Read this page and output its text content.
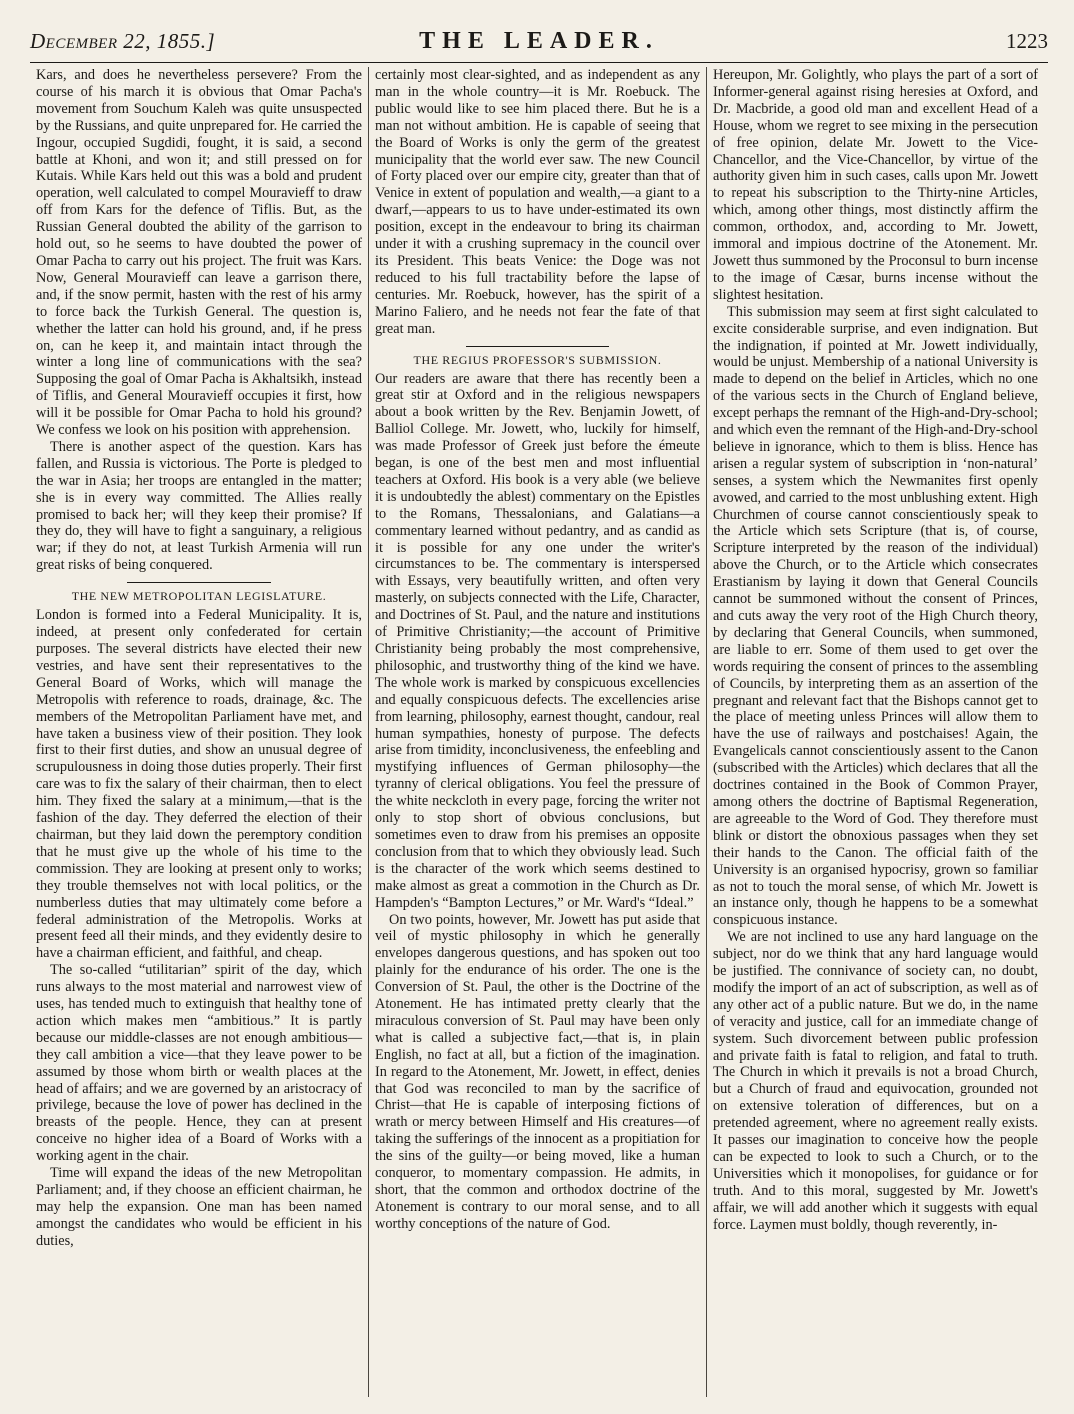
December 22, 1855.]	THE LEADER.	1223

Kars, and does he nevertheless persevere? From the course of his march it is obvious that Omar Pacha's movement from Souchum Kaleh was quite unsuspected by the Russians, and quite unprepared for. He carried the Ingour, occupied Sugdidi, fought, it is said, a second battle at Khoni, and won it; and still pressed on for Kutais. While Kars held out this was a bold and prudent operation, well calculated to compel Mouravieff to draw off from Kars for the defence of Tiflis. But, as the Russian General doubted the ability of the garrison to hold out, so he seems to have doubted the power of Omar Pacha to carry out his project. The fruit was Kars. Now, General Mouravieff can leave a garrison there, and, if the snow permit, hasten with the rest of his army to force back the Turkish General. The question is, whether the latter can hold his ground, and, if he press on, can he keep it, and maintain intact through the winter a long line of communications with the sea? Supposing the goal of Omar Pacha is Akhaltsikh, instead of Tiflis, and General Mouravieff occupies it first, how will it be possible for Omar Pacha to hold his ground? We confess we look on his position with apprehension.

There is another aspect of the question. Kars has fallen, and Russia is victorious. The Porte is pledged to the war in Asia; her troops are entangled in the matter; she is in every way committed. The Allies really promised to back her; will they keep their promise? If they do, they will have to fight a sanguinary, a religious war; if they do not, at least Turkish Armenia will run great risks of being conquered.

THE NEW METROPOLITAN LEGISLATURE.

London is formed into a Federal Municipality. It is, indeed, at present only confederated for certain purposes. The several districts have elected their new vestries, and have sent their representatives to the General Board of Works, which will manage the Metropolis with reference to roads, drainage, &c. The members of the Metropolitan Parliament have met, and have taken a business view of their position. They look first to their first duties, and show an unusual degree of scrupulousness in doing those duties properly. Their first care was to fix the salary of their chairman, then to elect him. They fixed the salary at a minimum,—that is the fashion of the day. They deferred the election of their chairman, but they laid down the peremptory condition that he must give up the whole of his time to the commission. They are looking at present only to works; they trouble themselves not with local politics, or the numberless duties that may ultimately come before a federal administration of the Metropolis. Works at present feed all their minds, and they evidently desire to have a chairman efficient, and faithful, and cheap.

The so-called “utilitarian” spirit of the day, which runs always to the most material and narrowest view of uses, has tended much to extinguish that healthy tone of action which makes men “ambitious.” It is partly because our middle-classes are not enough ambitious—they call ambition a vice—that they leave power to be assumed by those whom birth or wealth places at the head of affairs; and we are governed by an aristocracy of privilege, because the love of power has declined in the breasts of the people. Hence, they can at present conceive no higher idea of a Board of Works with a working agent in the chair.

Time will expand the ideas of the new Metropolitan Parliament; and, if they choose an efficient chairman, he may help the expansion. One man has been named amongst the candidates who would be efficient in his duties,

certainly most clear-sighted, and as independent as any man in the whole country—it is Mr. Roebuck. The public would like to see him placed there. But he is a man not without ambition. He is capable of seeing that the Board of Works is only the germ of the greatest municipality that the world ever saw. The new Council of Forty placed over our empire city, greater than that of Venice in extent of population and wealth,—a giant to a dwarf,—appears to us to have under-estimated its own position, except in the endeavour to bring its chairman under it with a crushing supremacy in the council over its President. This beats Venice: the Doge was not reduced to his full tractability before the lapse of centuries. Mr. Roebuck, however, has the spirit of a Marino Faliero, and he needs not fear the fate of that great man.

THE REGIUS PROFESSOR'S SUBMISSION.

Our readers are aware that there has recently been a great stir at Oxford and in the religious newspapers about a book written by the Rev. Benjamin Jowett, of Balliol College. Mr. Jowett, who, luckily for himself, was made Professor of Greek just before the émeute began, is one of the best men and most influential teachers at Oxford. His book is a very able (we believe it is undoubtedly the ablest) commentary on the Epistles to the Romans, Thessalonians, and Galatians—a commentary learned without pedantry, and as candid as it is possible for any one under the writer's circumstances to be. The commentary is interspersed with Essays, very beautifully written, and often very masterly, on subjects connected with the Life, Character, and Doctrines of St. Paul, and the nature and institutions of Primitive Christianity;—the account of Primitive Christianity being probably the most comprehensive, philosophic, and trustworthy thing of the kind we have. The whole work is marked by conspicuous excellencies and equally conspicuous defects. The excellencies arise from learning, philosophy, earnest thought, candour, real human sympathies, honesty of purpose. The defects arise from timidity, inconclusiveness, the enfeebling and mystifying influences of German philosophy—the tyranny of clerical obligations. You feel the pressure of the white neckcloth in every page, forcing the writer not only to stop short of obvious conclusions, but sometimes even to draw from his premises an opposite conclusion from that to which they obviously lead. Such is the character of the work which seems destined to make almost as great a commotion in the Church as Dr. Hampden's “Bampton Lectures,” or Mr. Ward's “Ideal.”

On two points, however, Mr. Jowett has put aside that veil of mystic philosophy in which he generally envelopes dangerous questions, and has spoken out too plainly for the endurance of his order. The one is the Conversion of St. Paul, the other is the Doctrine of the Atonement. He has intimated pretty clearly that the miraculous conversion of St. Paul may have been only what is called a subjective fact,—that is, in plain English, no fact at all, but a fiction of the imagination. In regard to the Atonement, Mr. Jowett, in effect, denies that God was reconciled to man by the sacrifice of Christ—that He is capable of interposing fictions of wrath or mercy between Himself and His creatures—of taking the sufferings of the innocent as a propitiation for the sins of the guilty—or being moved, like a human conqueror, to momentary compassion. He admits, in short, that the common and orthodox doctrine of the Atonement is contrary to our moral sense, and to all worthy conceptions of the nature of God.

Hereupon, Mr. Golightly, who plays the part of a sort of Informer-general against rising heresies at Oxford, and Dr. Macbride, a good old man and excellent Head of a House, whom we regret to see mixing in the persecution of free opinion, delate Mr. Jowett to the Vice-Chancellor, and the Vice-Chancellor, by virtue of the authority given him in such cases, calls upon Mr. Jowett to repeat his subscription to the Thirty-nine Articles, which, among other things, most distinctly affirm the common, orthodox, and, according to Mr. Jowett, immoral and impious doctrine of the Atonement. Mr. Jowett thus summoned by the Proconsul to burn incense to the image of Cæsar, burns incense without the slightest hesitation.

This submission may seem at first sight calculated to excite considerable surprise, and even indignation. But the indignation, if pointed at Mr. Jowett individually, would be unjust. Membership of a national University is made to depend on the belief in Articles, which no one of the various sects in the Church of England believe, except perhaps the remnant of the High-and-Dry-school; and which even the remnant of the High-and-Dry-school believe in ignorance, which to them is bliss. Hence has arisen a regular system of subscription in ‘non-natural’ senses, a system which the Newmanites first openly avowed, and carried to the most unblushing extent. High Churchmen of course cannot conscientiously speak to the Article which sets Scripture (that is, of course, Scripture interpreted by the reason of the individual) above the Church, or to the Article which consecrates Erastianism by laying it down that General Councils cannot be summoned without the consent of Princes, and cuts away the very root of the High Church theory, by declaring that General Councils, when summoned, are liable to err. Some of them used to get over the words requiring the consent of princes to the assembling of Councils, by interpreting them as an assertion of the pregnant and relevant fact that the Bishops cannot get to the place of meeting unless Princes will allow them to have the use of railways and postchaises! Again, the Evangelicals cannot conscientiously assent to the Canon (subscribed with the Articles) which declares that all the doctrines contained in the Book of Common Prayer, among others the doctrine of Baptismal Regeneration, are agreeable to the Word of God. They therefore must blink or distort the obnoxious passages when they set their hands to the Canon. The official faith of the University is an organised hypocrisy, grown so familiar as not to touch the moral sense, of which Mr. Jowett is an instance only, though he happens to be a somewhat conspicuous instance.

We are not inclined to use any hard language on the subject, nor do we think that any hard language would be justified. The connivance of society can, no doubt, modify the import of an act of subscription, as well as of any other act of a public nature. But we do, in the name of veracity and justice, call for an immediate change of system. Such divorcement between public profession and private faith is fatal to religion, and fatal to truth. The Church in which it prevails is not a broad Church, but a Church of fraud and equivocation, grounded not on extensive toleration of differences, but on a pretended agreement, where no agreement really exists. It passes our imagination to conceive how the people can be expected to look to such a Church, or to the Universities which it monopolises, for guidance or for truth. And to this moral, suggested by Mr. Jowett's affair, we will add another which it suggests with equal force. Laymen must boldly, though reverently, in-
